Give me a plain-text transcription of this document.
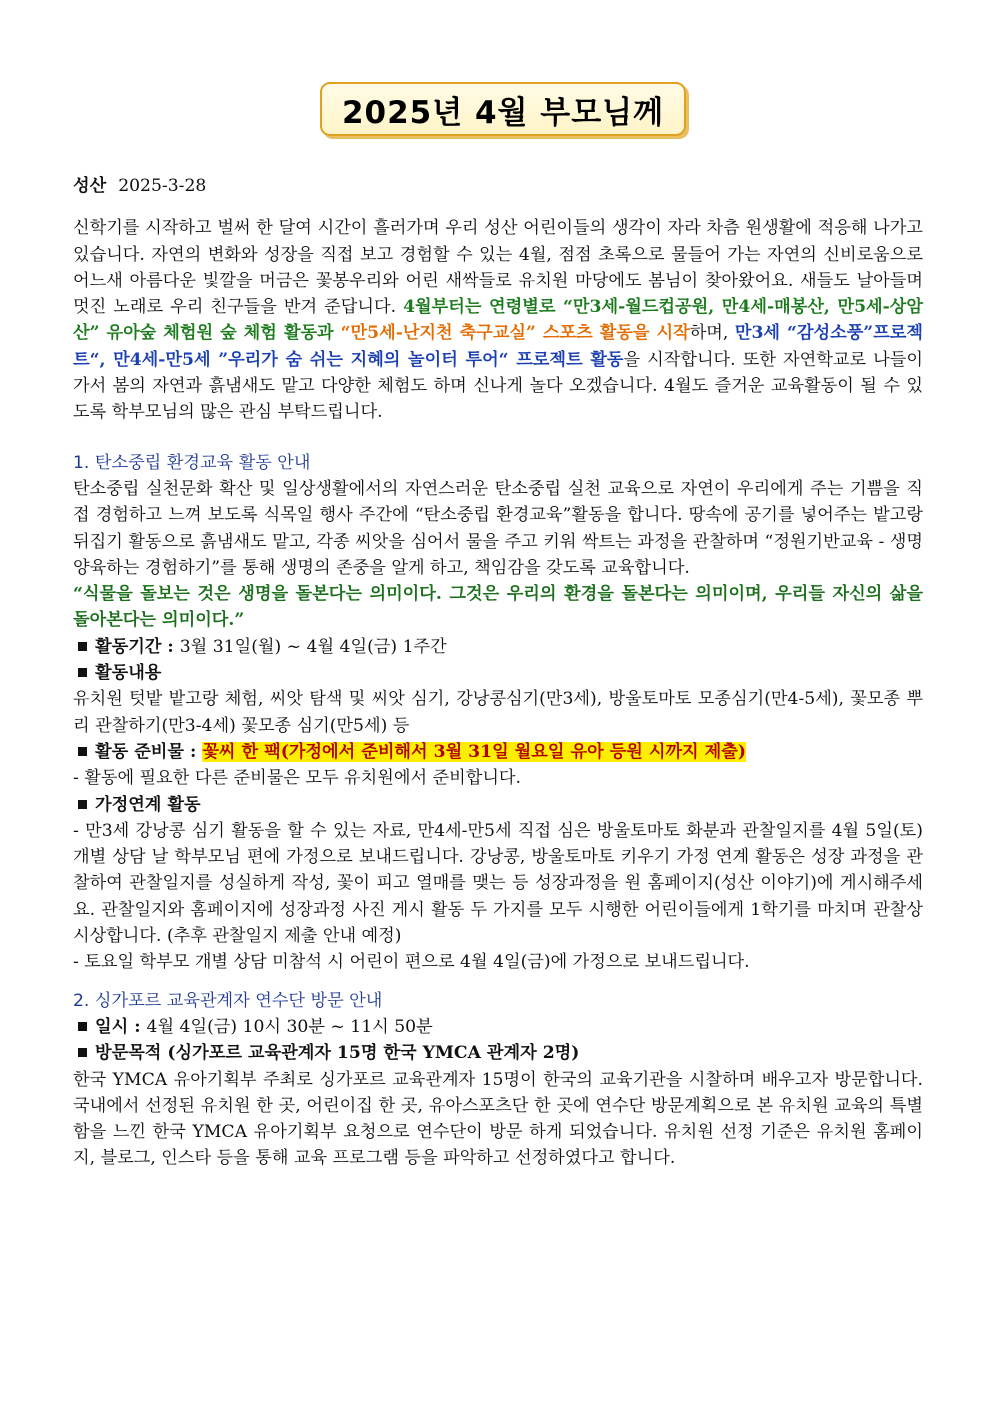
2025년 4월 부모님께

성산 2025-3-28

신학기를 시작하고 벌써 한 달여 시간이 흘러가며 우리 성산 어린이들의 생각이 자라 차츰 원생활에 적응해 나가고 있습니다. 자연의 변화와 성장을 직접 보고 경험할 수 있는 4월, 점점 초록으로 물들어 가는 자연의 신비로움으로 어느새 아름다운 빛깔을 머금은 꽃봉우리와 어린 새싹들로 유치원 마당에도 봄님이 찾아왔어요. 새들도 날아들며 멋진 노래로 우리 친구들을 반겨 준답니다. 4월부터는 연령별로 “만3세-월드컵공원, 만4세-매봉산, 만5세-상암산” 유아숲 체험원 숲 체험 활동과 “만5세-난지천 축구교실” 스포츠 활동을 시작하며, 만3세 “감성소풍”프로젝트“, 만4세-만5세 ”우리가 숨 쉬는 지혜의 놀이터 투어“ 프로젝트 활동을 시작합니다. 또한 자연학교로 나들이 가서 봄의 자연과 흙냄새도 맡고 다양한 체험도 하며 신나게 놀다 오겠습니다. 4월도 즐거운 교육활동이 될 수 있도록 학부모님의 많은 관심 부탁드립니다.

1. 탄소중립 환경교육 활동 안내

탄소중립 실천문화 확산 및 일상생활에서의 자연스러운 탄소중립 실천 교육으로 자연이 우리에게 주는 기쁨을 직접 경험하고 느껴 보도록 식목일 행사 주간에 “탄소중립 환경교육”활동을 합니다. 땅속에 공기를 넣어주는 밭고랑 뒤집기 활동으로 흙냄새도 맡고, 각종 씨앗을 심어서 물을 주고 키워 싹트는 과정을 관찰하며 “정원기반교육 - 생명 양육하는 경험하기”를 통해 생명의 존중을 알게 하고, 책임감을 갖도록 교육합니다.

“식물을 돌보는 것은 생명을 돌본다는 의미이다. 그것은 우리의 환경을 돌본다는 의미이며, 우리들 자신의 삶을 돌아본다는 의미이다.”

활동기간 : 3월 31일(월) ~ 4월 4일(금) 1주간

활동내용

유치원 텃밭 밭고랑 체험, 씨앗 탐색 및 씨앗 심기, 강낭콩심기(만3세), 방울토마토 모종심기(만4-5세), 꽃모종 뿌리 관찰하기(만3-4세) 꽃모종 심기(만5세) 등

활동 준비물 : 꽃씨 한 팩(가정에서 준비해서 3월 31일 월요일 유아 등원 시까지 제출)

- 활동에 필요한 다른 준비물은 모두 유치원에서 준비합니다.

가정연계 활동

- 만3세 강낭콩 심기 활동을 할 수 있는 자료, 만4세-만5세 직접 심은 방울토마토 화분과 관찰일지를 4월 5일(토) 개별 상담 날 학부모님 편에 가정으로 보내드립니다. 강낭콩, 방울토마토 키우기 가정 연계 활동은 성장 과정을 관찰하여 관찰일지를 성실하게 작성, 꽃이 피고 열매를 맺는 등 성장과정을 원 홈페이지(성산 이야기)에 게시해주세요. 관찰일지와 홈페이지에 성장과정 사진 게시 활동 두 가지를 모두 시행한 어린이들에게 1학기를 마치며 관찰상 시상합니다. (추후 관찰일지 제출 안내 예정)

- 토요일 학부모 개별 상담 미참석 시 어린이 편으로 4월 4일(금)에 가정으로 보내드립니다.

2. 싱가포르 교육관계자 연수단 방문 안내

일시 : 4월 4일(금) 10시 30분 ~ 11시 50분

방문목적 (싱가포르 교육관계자 15명 한국 YMCA 관계자 2명)

한국 YMCA 유아기획부 주최로 싱가포르 교육관계자 15명이 한국의 교육기관을 시찰하며 배우고자 방문합니다. 국내에서 선정된 유치원 한 곳, 어린이집 한 곳, 유아스포츠단 한 곳에 연수단 방문계획으로 본 유치원 교육의 특별함을 느낀 한국 YMCA 유아기획부 요청으로 연수단이 방문 하게 되었습니다. 유치원 선정 기준은 유치원 홈페이지, 블로그, 인스타 등을 통해 교육 프로그램 등을 파악하고 선정하였다고 합니다.
